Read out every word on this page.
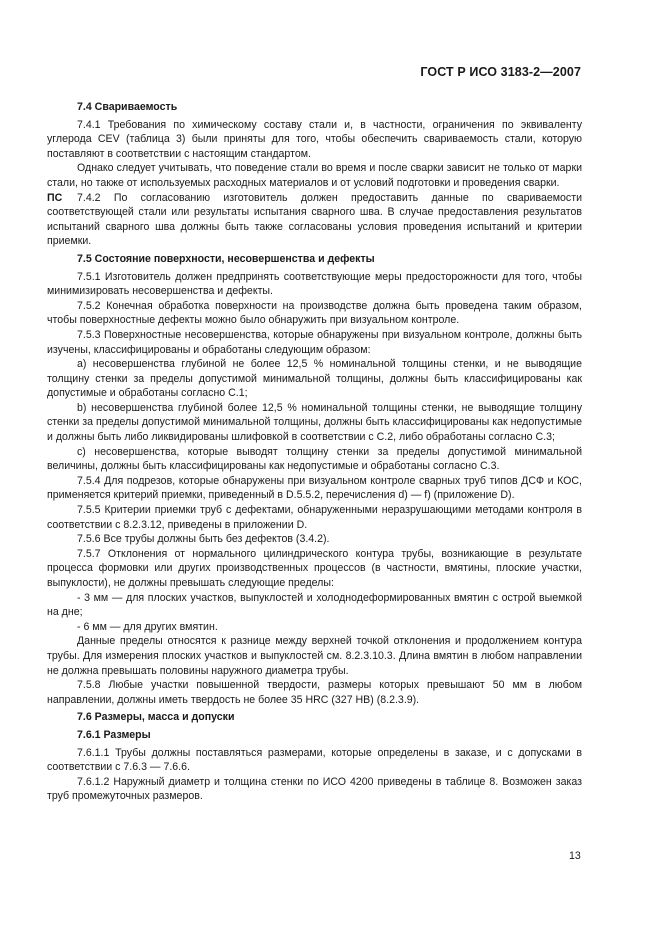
ГОСТ Р ИСО 3183-2—2007
7.4 Свариваемость

7.4.1 Требования по химическому составу стали и, в частности, ограничения по эквиваленту углерода CEV (таблица 3) были приняты для того, чтобы обеспечить свариваемость стали, которую поставляют в соответствии с настоящим стандартом.

Однако следует учитывать, что поведение стали во время и после сварки зависит не только от марки стали, но также от используемых расходных материалов и от условий подготовки и проведения сварки.

ПС 7.4.2 По согласованию изготовитель должен предоставить данные по свариваемости соответствующей стали или результаты испытания сварного шва. В случае предоставления результатов испытаний сварного шва должны быть также согласованы условия проведения испытаний и критерии приемки.

7.5 Состояние поверхности, несовершенства и дефекты

7.5.1 Изготовитель должен предпринять соответствующие меры предосторожности для того, чтобы минимизировать несовершенства и дефекты.

7.5.2 Конечная обработка поверхности на производстве должна быть проведена таким образом, чтобы поверхностные дефекты можно было обнаружить при визуальном контроле.

7.5.3 Поверхностные несовершенства, которые обнаружены при визуальном контроле, должны быть изучены, классифицированы и обработаны следующим образом:

а) несовершенства глубиной не более 12,5 % номинальной толщины стенки, и не выводящие толщину стенки за пределы допустимой минимальной толщины, должны быть классифицированы как допустимые и обработаны согласно С.1;

b) несовершенства глубиной более 12,5 % номинальной толщины стенки, не выводящие толщину стенки за пределы допустимой минимальной толщины, должны быть классифицированы как недопустимые и должны быть либо ликвидированы шлифовкой в соответствии с С.2, либо обработаны согласно С.3;

с) несовершенства, которые выводят толщину стенки за пределы допустимой минимальной величины, должны быть классифицированы как недопустимые и обработаны согласно С.3.

7.5.4 Для подрезов, которые обнаружены при визуальном контроле сварных труб типов ДСФ и КОС, применяется критерий приемки, приведенный в D.5.5.2, перечисления d) — f) (приложение D).

7.5.5 Критерии приемки труб с дефектами, обнаруженными неразрушающими методами контроля в соответствии с 8.2.3.12, приведены в приложении D.

7.5.6 Все трубы должны быть без дефектов (3.4.2).

7.5.7 Отклонения от нормального цилиндрического контура трубы, возникающие в результате процесса формовки или других производственных процессов (в частности, вмятины, плоские участки, выпуклости), не должны превышать следующие пределы:

- 3 мм — для плоских участков, выпуклостей и холоднодеформированных вмятин с острой выемкой на дне;

- 6 мм — для других вмятин.

Данные пределы относятся к разнице между верхней точкой отклонения и продолжением контура трубы. Для измерения плоских участков и выпуклостей см. 8.2.3.10.3. Длина вмятин в любом направлении не должна превышать половины наружного диаметра трубы.

7.5.8 Любые участки повышенной твердости, размеры которых превышают 50 мм в любом направлении, должны иметь твердость не более 35 HRC (327 НВ) (8.2.3.9).

7.6 Размеры, масса и допуски
7.6.1 Размеры

7.6.1.1 Трубы должны поставляться размерами, которые определены в заказе, и с допусками в соответствии с 7.6.3 — 7.6.6.

7.6.1.2 Наружный диаметр и толщина стенки по ИСО 4200 приведены в таблице 8. Возможен заказ труб промежуточных размеров.

13
